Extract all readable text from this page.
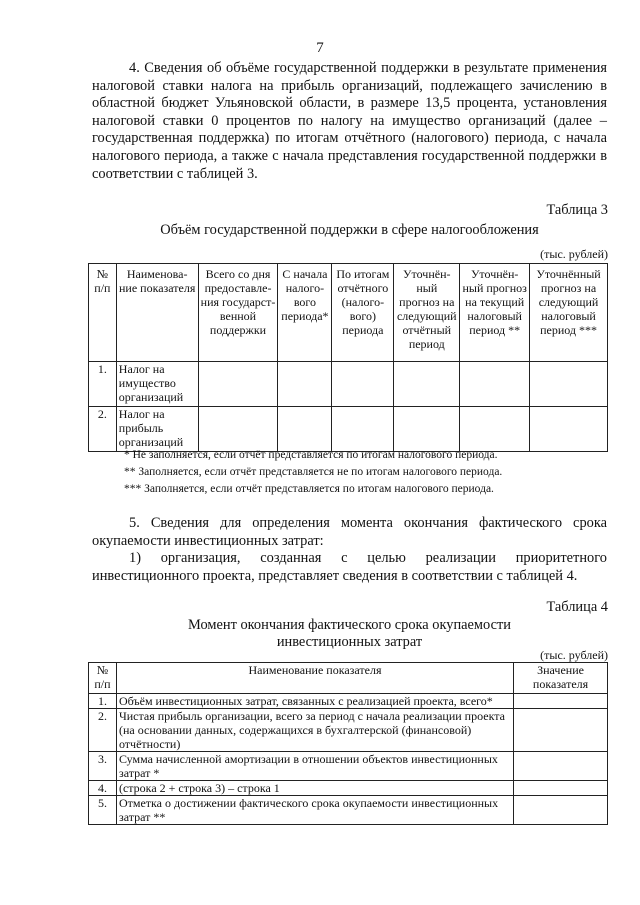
7

4. Сведения об объёме государственной поддержки в результате применения налоговой ставки налога на прибыль организаций, подлежащего зачислению в областной бюджет Ульяновской области, в размере 13,5 процента, установления налоговой ставки 0 процентов по налогу на имущество организаций (далее – государственная поддержка) по итогам отчётного (налогового) периода, с начала налогового периода, а также с начала представления государственной поддержки в соответствии с таблицей 3.

Таблица 3
Объём государственной поддержки в сфере налогообложения
(тыс. рублей)
№ п/п	Наименова-ние показателя	Всего со дня предоставле-ния государст-венной поддержки	С начала налого-вого периода*	По итогам отчётного (налого-вого) периода	Уточнён-ный прогноз на следующий отчётный период	Уточнён-ный прогноз на текущий налоговый период **	Уточнённый прогноз на следующий налоговый период ***
1.	Налог на имущество организаций						
2.	Налог на прибыль организаций						
* Не заполняется, если отчёт представляется по итогам налогового периода.
** Заполняется, если отчёт представляется не по итогам налогового периода.
*** Заполняется, если отчёт представляется по итогам налогового периода.

5. Сведения для определения момента окончания фактического срока окупаемости инвестиционных затрат:

1) организация, созданная с целью реализации приоритетного инвестиционного проекта, представляет сведения в соответствии с таблицей 4.

Таблица 4
Момент окончания фактического срока окупаемости
инвестиционных затрат
(тыс. рублей)
№ п/п	Наименование показателя	Значение показателя
1.	Объём инвестиционных затрат, связанных с реализацией проекта, всего*	
2.	Чистая прибыль организации, всего за период с начала реализации проекта (на основании данных, содержащихся в бухгалтерской (финансовой) отчётности)	
3.	Сумма начисленной амортизации в отношении объектов инвестиционных затрат *	
4.	(строка 2 + строка 3) – строка 1	
5.	Отметка о достижении фактического срока окупаемости инвестиционных затрат **	
